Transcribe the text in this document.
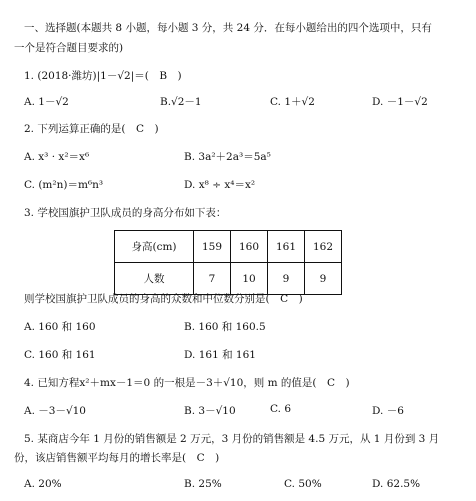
一、选择题(本题共 8 小题，每小题 3 分，共 24 分．在每小题给出的四个选项中，只有
一个是符合题目要求的)
1. (2018·潍坊)|1－√2|＝(　B　)
A. 1－√2	B.√2－1	C. 1＋√2	D. －1－√2
2. 下列运算正确的是(　C　)
A. x³ · x²＝x⁶	B. 3a²＋2a³＝5a⁵
C. (m²n)＝m⁶n³	D. x⁸ ÷ x⁴＝x²
3. 学校国旗护卫队成员的身高分布如下表：
身高(cm)	159	160	161	162
人数	7	10	9	9
则学校国旗护卫队成员的身高的众数和中位数分别是(　C　)
A. 160 和 160	B. 160 和 160.5
C. 160 和 161	D. 161 和 161
4. 已知方程x²＋mx－1＝0 的一根是－3＋√10，则 m 的值是(　C　)
A. －3－√10	B. 3－√10	C. 6	D. －6
5. 某商店今年 1 月份的销售额是 2 万元，3 月份的销售额是 4.5 万元，从 1 月份到 3 月
份，该店销售额平均每月的增长率是(　C　)
A. 20%	B. 25%	C. 50%	D. 62.5%
